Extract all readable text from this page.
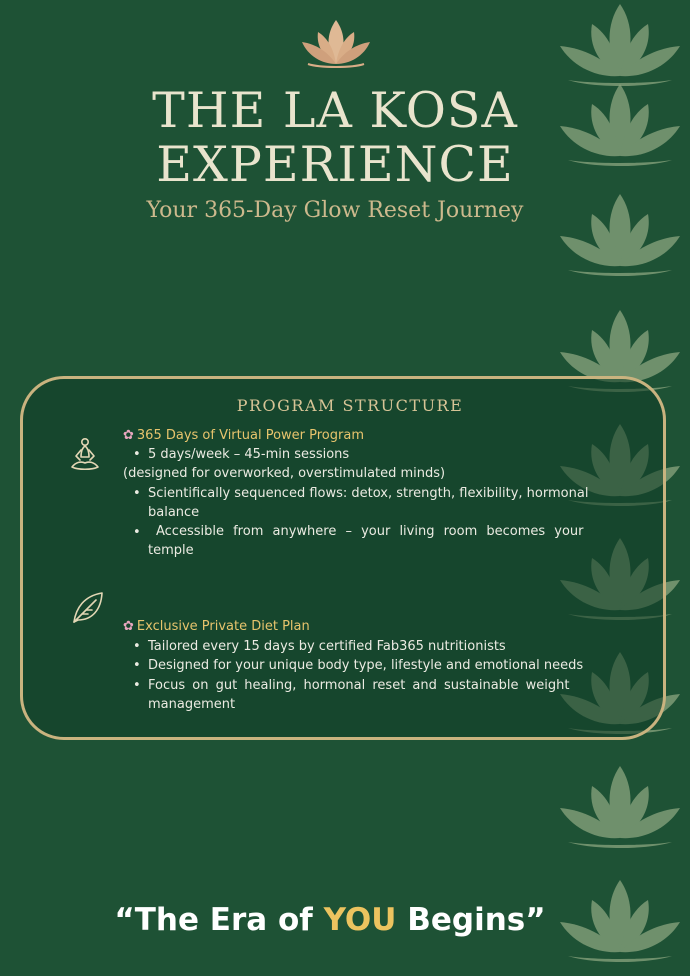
THE LA KOSA
EXPERIENCE
Your 365-Day Glow Reset Journey
PROGRAM STRUCTURE
✿ 365 Days of Virtual Power Program
• 5 days/week – 45-min sessions
(designed for overworked, overstimulated minds)
• Scientifically sequenced flows: detox, strength, flexibility, hormonal
balance
•	Accessible from anywhere – your living room becomes your
temple
✿ Exclusive Private Diet Plan
• Tailored every 15 days by certified Fab365 nutritionists
• Designed for your unique body type, lifestyle and emotional needs
• Focus on gut healing, hormonal reset and sustainable weight
management
“The Era of YOU Begins”
